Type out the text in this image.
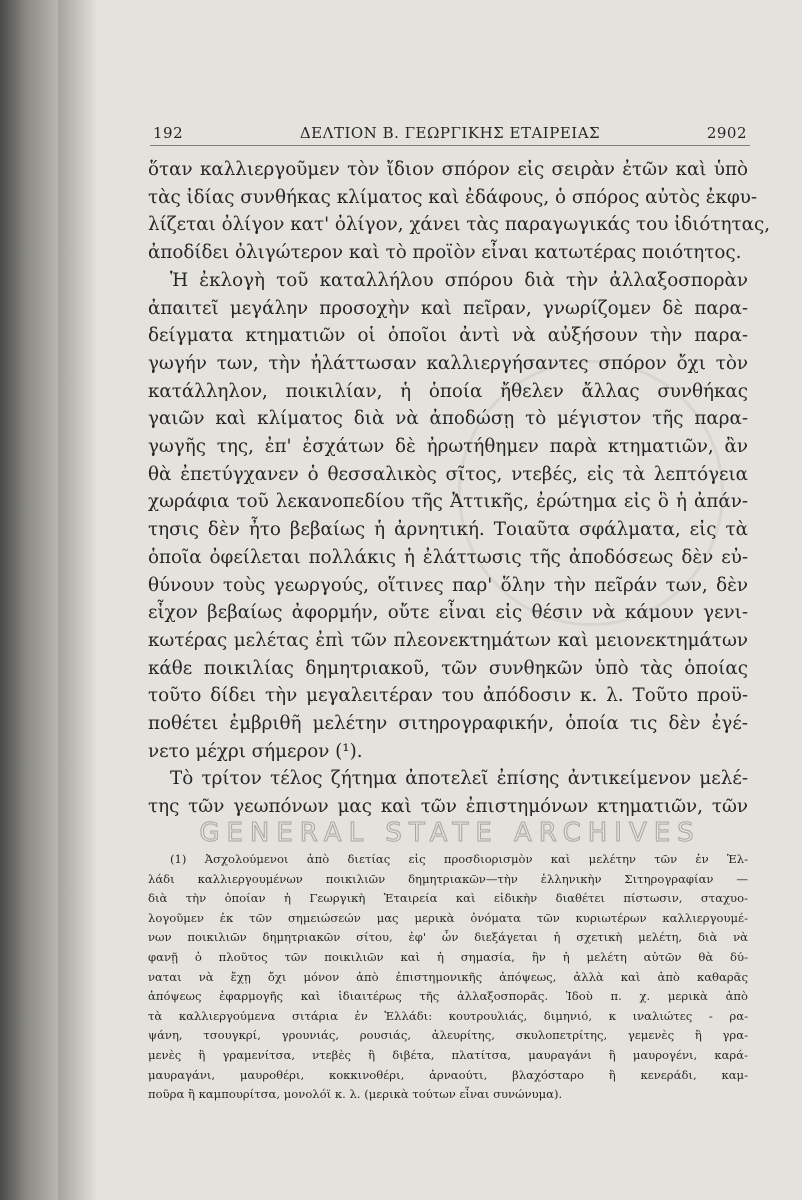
192	ΔΕΛΤΙΟΝ Β. ΓΕΩΡΓΙΚΗΣ ΕΤΑΙΡΕΙΑΣ	2902
ὅταν καλλιεργοῦμεν τὸν ἴδιον σπόρον εἰς σειρὰν ἐτῶν καὶ ὑπὸ
τὰς ἰδίας συνθήκας κλίματος καὶ ἐδάφους, ὁ σπόρος αὐτὸς ἐκφυ-
λίζεται ὀλίγον κατ' ὀλίγον, χάνει τὰς παραγωγικάς του ἰδιότητας,
ἀποδίδει ὀλιγώτερον καὶ τὸ προϊὸν εἶναι κατωτέρας ποιότητος.
Ἡ ἐκλογὴ τοῦ καταλλήλου σπόρου διὰ τὴν ἀλλαξοσπορὰν
ἀπαιτεῖ μεγάλην προσοχὴν καὶ πεῖραν, γνωρίζομεν δὲ παρα-
δείγματα κτηματιῶν οἱ ὁποῖοι ἀντὶ νὰ αὐξήσουν τὴν παρα-
γωγήν των, τὴν ἠλάττωσαν καλλιεργήσαντες σπόρον ὄχι τὸν
κατάλληλον, ποικιλίαν, ἡ ὁποία ἤθελεν ἄλλας συνθήκας
γαιῶν καὶ κλίματος διὰ νὰ ἀποδώσῃ τὸ μέγιστον τῆς παρα-
γωγῆς της, ἐπ' ἐσχάτων δὲ ἠρωτήθημεν παρὰ κτηματιῶν, ἂν
θὰ ἐπετύγχανεν ὁ θεσσαλικὸς σῖτος, ντεβές, εἰς τὰ λεπτόγεια
χωράφια τοῦ λεκανοπεδίου τῆς Ἀττικῆς, ἐρώτημα εἰς ὃ ἡ ἀπάν-
τησις δὲν ἦτο βεβαίως ἡ ἀρνητική. Τοιαῦτα σφάλματα, εἰς τὰ
ὁποῖα ὀφείλεται πολλάκις ἡ ἐλάττωσις τῆς ἀποδόσεως δὲν εὐ-
θύνουν τοὺς γεωργούς, οἵτινες παρ' ὅλην τὴν πεῖράν των, δὲν
εἶχον βεβαίως ἀφορμήν, οὔτε εἶναι εἰς θέσιν νὰ κάμουν γενι-
κωτέρας μελέτας ἐπὶ τῶν πλεονεκτημάτων καὶ μειονεκτημάτων
κάθε ποικιλίας δημητριακοῦ, τῶν συνθηκῶν ὑπὸ τὰς ὁποίας
τοῦτο δίδει τὴν μεγαλειτέραν του ἀπόδοσιν κ. λ. Τοῦτο προϋ-
ποθέτει ἐμβριθῆ μελέτην σιτηρογραφικήν, ὁποία τις δὲν ἐγέ-
νετο μέχρι σήμερον (¹).
Τὸ τρίτον τέλος ζήτημα ἀποτελεῖ ἐπίσης ἀντικείμενον μελέ-
της τῶν γεωπόνων μας καὶ τῶν ἐπιστημόνων κτηματιῶν, τῶν
GENERAL STATE ARCHIVES
(1) Ἀσχολούμενοι ἀπὸ διετίας εἰς προσδιορισμὸν καὶ μελέτην τῶν ἐν Ἑλ-
λάδι καλλιεργουμένων ποικιλιῶν δημητριακῶν—τὴν ἑλληνικὴν Σιτηρογραφίαν —
διὰ τὴν ὁποίαν ἡ Γεωργικὴ Ἑταιρεία καὶ εἰδικὴν διαθέτει πίστωσιν, σταχυο-
λογοῦμεν ἐκ τῶν σημειώσεών μας μερικὰ ὀνόματα τῶν κυριωτέρων καλλιεργουμέ-
νων ποικιλιῶν δημητριακῶν σίτου, ἐφ' ὧν διεξάγεται ἡ σχετικὴ μελέτη, διὰ νὰ
φανῇ ὁ πλοῦτος τῶν ποικιλιῶν καὶ ἡ σημασία, ἣν ἡ μελέτη αὐτῶν θὰ δύ-
ναται νὰ ἔχῃ ὄχι μόνον ἀπὸ ἐπιστημονικῆς ἀπόψεως, ἀλλὰ καὶ ἀπὸ καθαρᾶς
ἀπόψεως ἐφαρμογῆς καὶ ἰδιαιτέρως τῆς ἀλλαξοσπορᾶς. Ἰδοὺ π. χ. μερικὰ ἀπὸ
τὰ καλλιεργούμενα σιτάρια ἐν Ἑλλάδι: κουτρουλιάς, διμηνιό, κ ιναλιώτες - ρα-
ψάνη, τσουγκρί, γρουνιάς, ρουσιάς, ἀλευρίτης, σκυλοπετρίτης, γεμενὲς ἢ γρα-
μενὲς ἢ γραμενίτσα, ντεβὲς ἢ διβέτα, πλατίτσα, μαυραγάνι ἢ μαυρογένι, καρά-
μαυραγάνι, μαυροθέρι, κοκκινοθέρι, ἀρναούτι, βλαχόσταρο ἢ κενεράδι, καμ-
ποῦρα ἢ καμπουρίτσα, μονολόϊ κ. λ. (μερικὰ τούτων εἶναι συνώνυμα).
